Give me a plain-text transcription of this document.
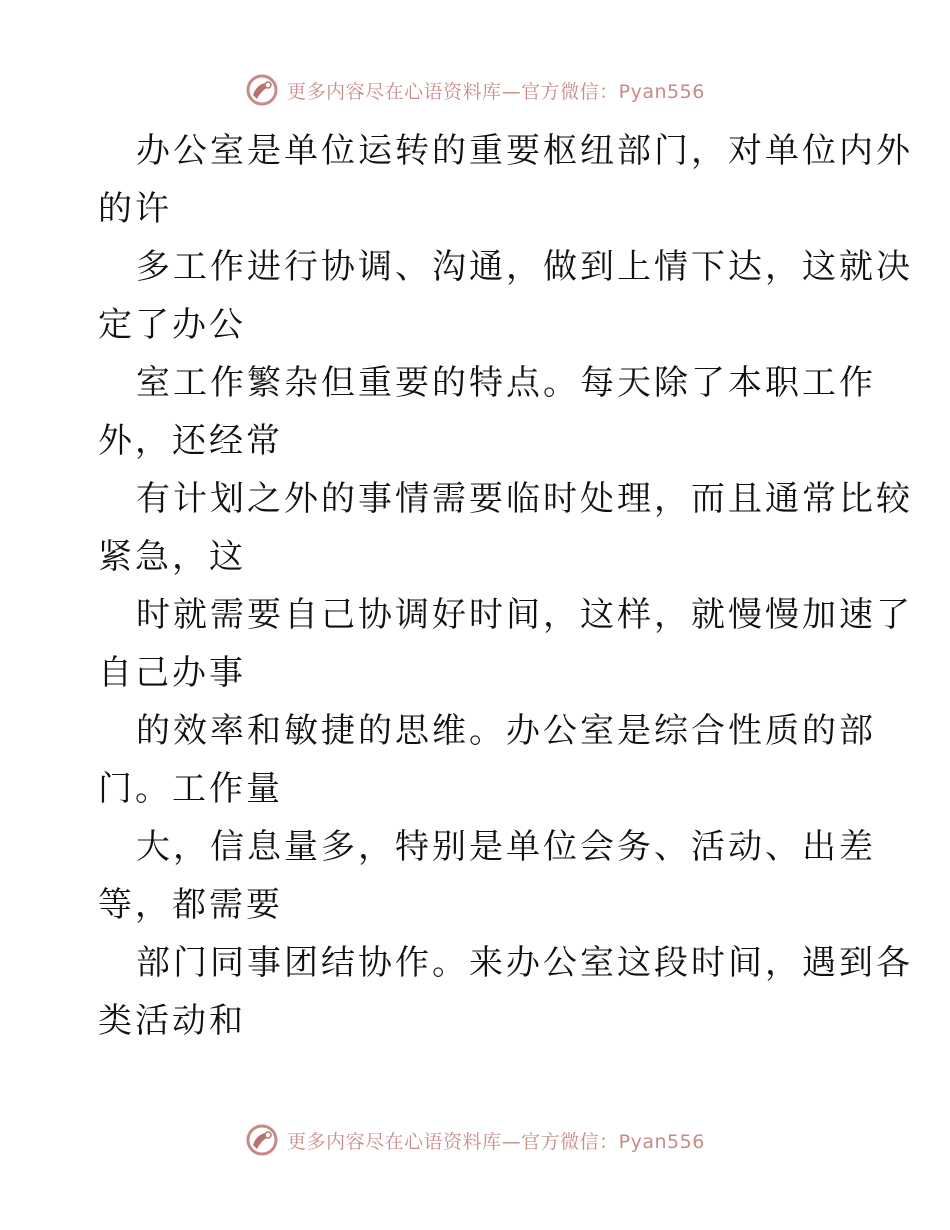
更多内容尽在心语资料库—官方微信：Pyan556
办公室是单位运转的重要枢纽部门，对单位内外
的许
多工作进行协调、沟通，做到上情下达，这就决
定了办公
室工作繁杂但重要的特点。每天除了本职工作
外，还经常
有计划之外的事情需要临时处理，而且通常比较
紧急，这
时就需要自己协调好时间，这样，就慢慢加速了
自己办事
的效率和敏捷的思维。办公室是综合性质的部
门。工作量
大，信息量多，特别是单位会务、活动、出差
等，都需要
部门同事团结协作。来办公室这段时间，遇到各
类活动和
更多内容尽在心语资料库—官方微信：Pyan556
